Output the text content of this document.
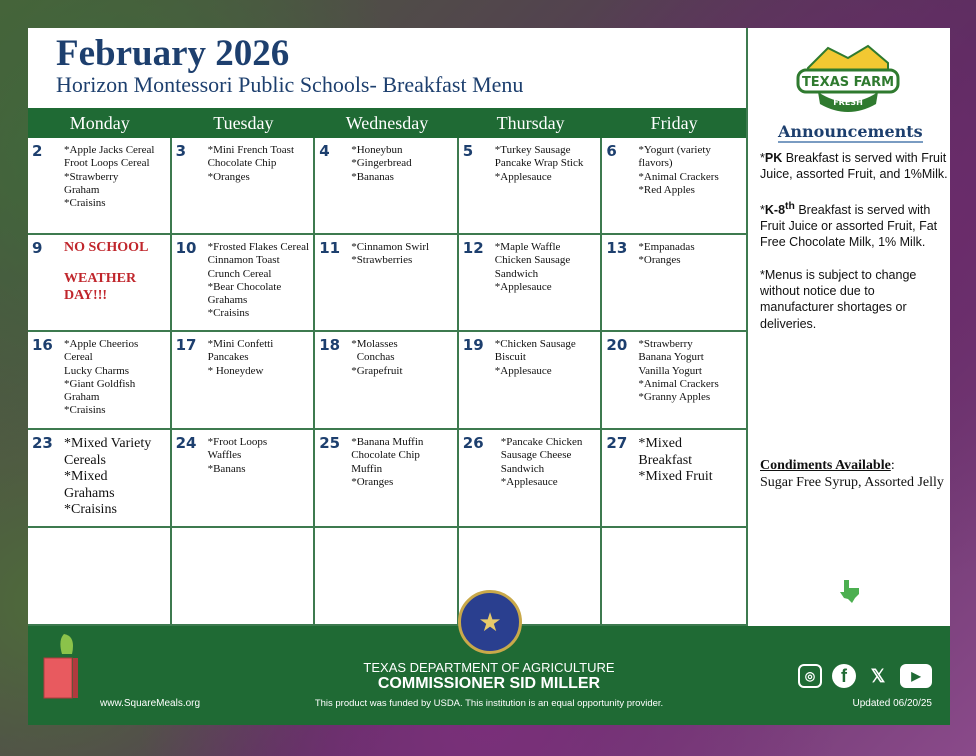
February 2026
Horizon Montessori Public Schools- Breakfast Menu
Monday	Tuesday	Wednesday	Thursday	Friday
2	*Apple Jacks Cereal
Froot Loops Cereal
*Strawberry
Graham
*Craisins
3	*Mini French Toast
Chocolate Chip
*Oranges
4	*Honeybun
*Gingerbread
*Bananas
5	*Turkey Sausage
Pancake Wrap Stick
*Applesauce
6	*Yogurt (variety
flavors)
*Animal Crackers
*Red Apples
9	NO SCHOOL
WEATHER
DAY!!!
10	*Frosted Flakes Cereal
Cinnamon Toast
Crunch Cereal
*Bear Chocolate
Grahams
*Craisins
11	*Cinnamon Swirl
*Strawberries
12	*Maple Waffle
Chicken Sausage
Sandwich
*Applesauce
13	*Empanadas
*Oranges
16	*Apple Cheerios
Cereal
Lucky Charms
*Giant Goldfish
Graham
*Craisins
17	*Mini Confetti
Pancakes
* Honeydew
18	*Molasses
Conchas
*Grapefruit
19	*Chicken Sausage
Biscuit
*Applesauce
20	*Strawberry
Banana Yogurt
Vanilla Yogurt
*Animal Crackers
*Granny Apples
23 *Mixed Variety
Cereals
*Mixed
Grahams
*Craisins
24	*Froot Loops
Waffles
*Banans
25	*Banana Muffin
Chocolate Chip
Muffin
*Oranges
26	*Pancake Chicken
Sausage Cheese
Sandwich
*Applesauce
27 *Mixed
Breakfast
*Mixed Fruit
TEXAS FARM
FRESH
Announcements

*PK Breakfast is served with Fruit Juice, assorted Fruit, and 1%Milk.

*K-8th Breakfast is served with Fruit Juice or assorted Fruit, Fat Free Chocolate Milk, 1% Milk.

*Menus is subject to change without notice due to manufacturer shortages or deliveries.

Condiments Available:
Sugar Free Syrup, Assorted Jelly
★
www.SquareMeals.org
TEXAS DEPARTMENT OF AGRICULTURE
COMMISSIONER SID MILLER
This product was funded by USDA. This institution is an equal opportunity provider.
◎	f	𝕏	▶
Updated 06/20/25
